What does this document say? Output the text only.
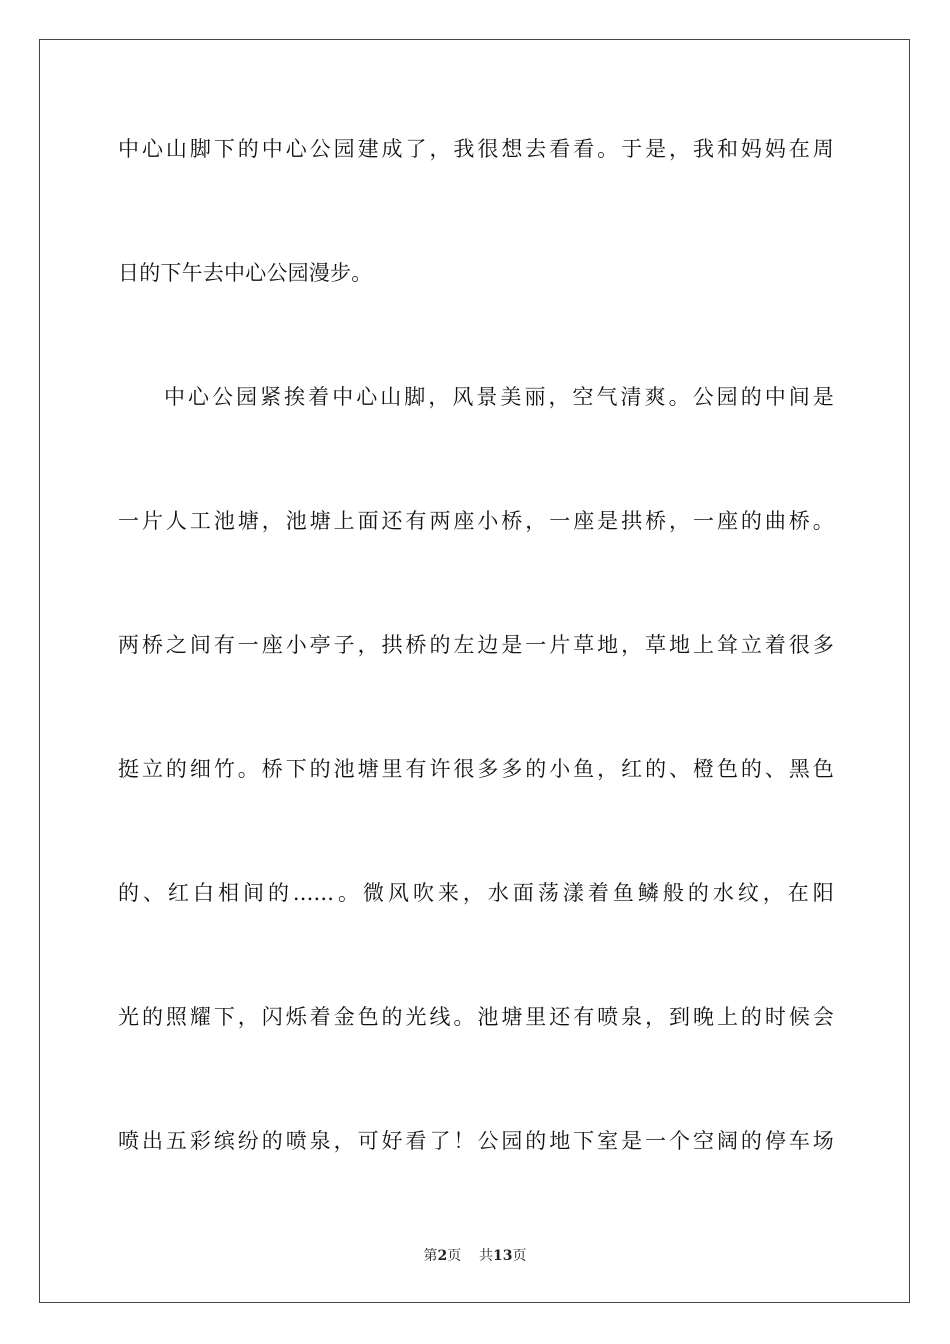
中心山脚下的中心公园建成了，我很想去看看。于是，我和妈妈在周
日的下午去中心公园漫步。
中心公园紧挨着中心山脚，风景美丽，空气清爽。公园的中间是
一片人工池塘，池塘上面还有两座小桥，一座是拱桥，一座的曲桥。
两桥之间有一座小亭子，拱桥的左边是一片草地，草地上耸立着很多
挺立的细竹。桥下的池塘里有许很多多的小鱼，红的、橙色的、黑色
的、红白相间的......。微风吹来，水面荡漾着鱼鳞般的水纹，在阳
光的照耀下，闪烁着金色的光线。池塘里还有喷泉，到晚上的时候会
喷出五彩缤纷的喷泉，可好看了！公园的地下室是一个空阔的停车场
第2页 共13页
